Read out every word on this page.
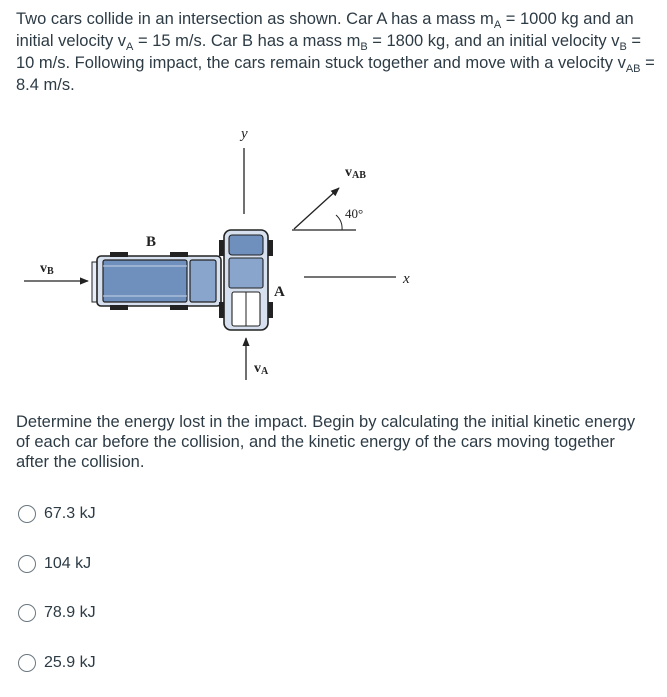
Two cars collide in an intersection as shown. Car A has a mass $m_A = 1000$ kg and an initial velocity $v_A = 15$ m/s. Car B has a mass $m_B = 1800$ kg, and an initial velocity $v_B = 10$ m/s. Following impact, the cars remain stuck together and move with a velocity $v_{AB} = 8.4$ m/s.

y
x
40°
vAB
vB
B
A
vA

Determine the energy lost in the impact. Begin by calculating the initial kinetic energy of each car before the collision, and the kinetic energy of the cars moving together after the collision.

67.3 kJ
104 kJ
78.9 kJ
25.9 kJ
